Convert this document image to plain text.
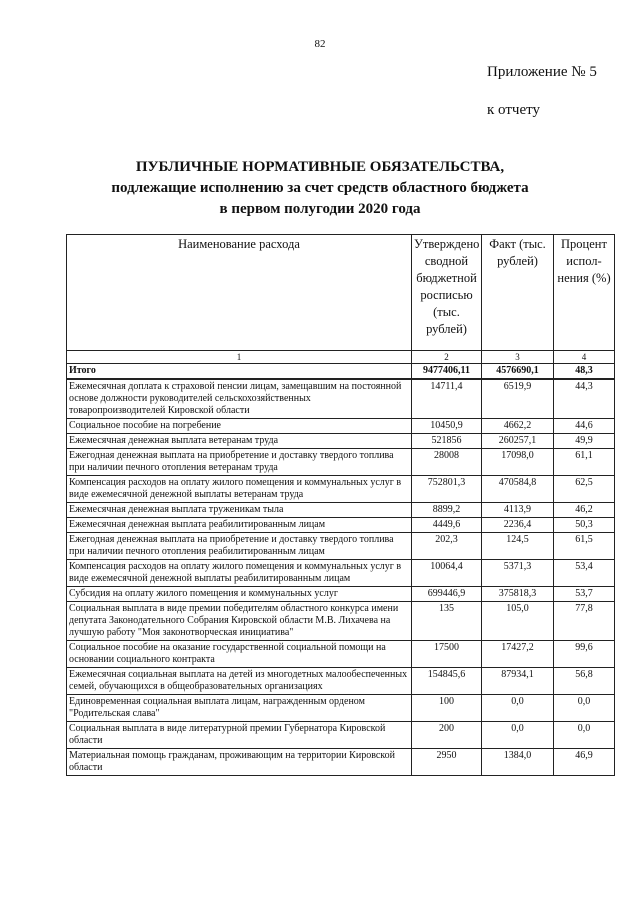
82
Приложение № 5
к отчету
ПУБЛИЧНЫЕ НОРМАТИВНЫЕ ОБЯЗАТЕЛЬСТВА,
подлежащие исполнению за счет средств областного бюджета
в первом полугодии 2020 года
Наименование расхода	Утверждено сводной бюджетной росписью (тыс. рублей)	Факт (тыс. рублей)	Процент испол-нения (%)
1	2	3	4
Итого	9477406,11	4576690,1	48,3
Ежемесячная доплата к страховой пенсии лицам, замещавшим на постоянной основе должности руководителей сельскохозяйственных товаропроизводителей Кировской области	14711,4	6519,9	44,3
Социальное пособие на погребение	10450,9	4662,2	44,6
Ежемесячная денежная выплата ветеранам труда	521856	260257,1	49,9
Ежегодная денежная выплата на приобретение и доставку твердого топлива при наличии печного отопления ветеранам труда	28008	17098,0	61,1
Компенсация расходов на оплату жилого помещения и коммунальных услуг в виде ежемесячной денежной выплаты ветеранам труда	752801,3	470584,8	62,5
Ежемесячная денежная выплата труженикам тыла	8899,2	4113,9	46,2
Ежемесячная денежная выплата реабилитированным лицам	4449,6	2236,4	50,3
Ежегодная денежная выплата на приобретение и доставку твердого топлива при наличии печного отопления реабилитированным лицам	202,3	124,5	61,5
Компенсация расходов на оплату жилого помещения и коммунальных услуг в виде ежемесячной денежной выплаты реабилитированным лицам	10064,4	5371,3	53,4
Субсидия на оплату жилого помещения и коммунальных услуг	699446,9	375818,3	53,7
Социальная выплата в виде премии победителям областного конкурса имени депутата Законодательного Собрания Кировской области М.В. Лихачева на лучшую работу "Моя законотворческая инициатива"	135	105,0	77,8
Социальное пособие на оказание государственной социальной помощи на основании социального контракта	17500	17427,2	99,6
Ежемесячная социальная выплата на детей из многодетных малообеспеченных семей, обучающихся в общеобразовательных организациях	154845,6	87934,1	56,8
Единовременная социальная выплата лицам, награжденным орденом "Родительская слава"	100	0,0	0,0
Социальная выплата в виде литературной премии Губернатора Кировской области	200	0,0	0,0
Материальная помощь гражданам, проживающим на территории Кировской области	2950	1384,0	46,9
